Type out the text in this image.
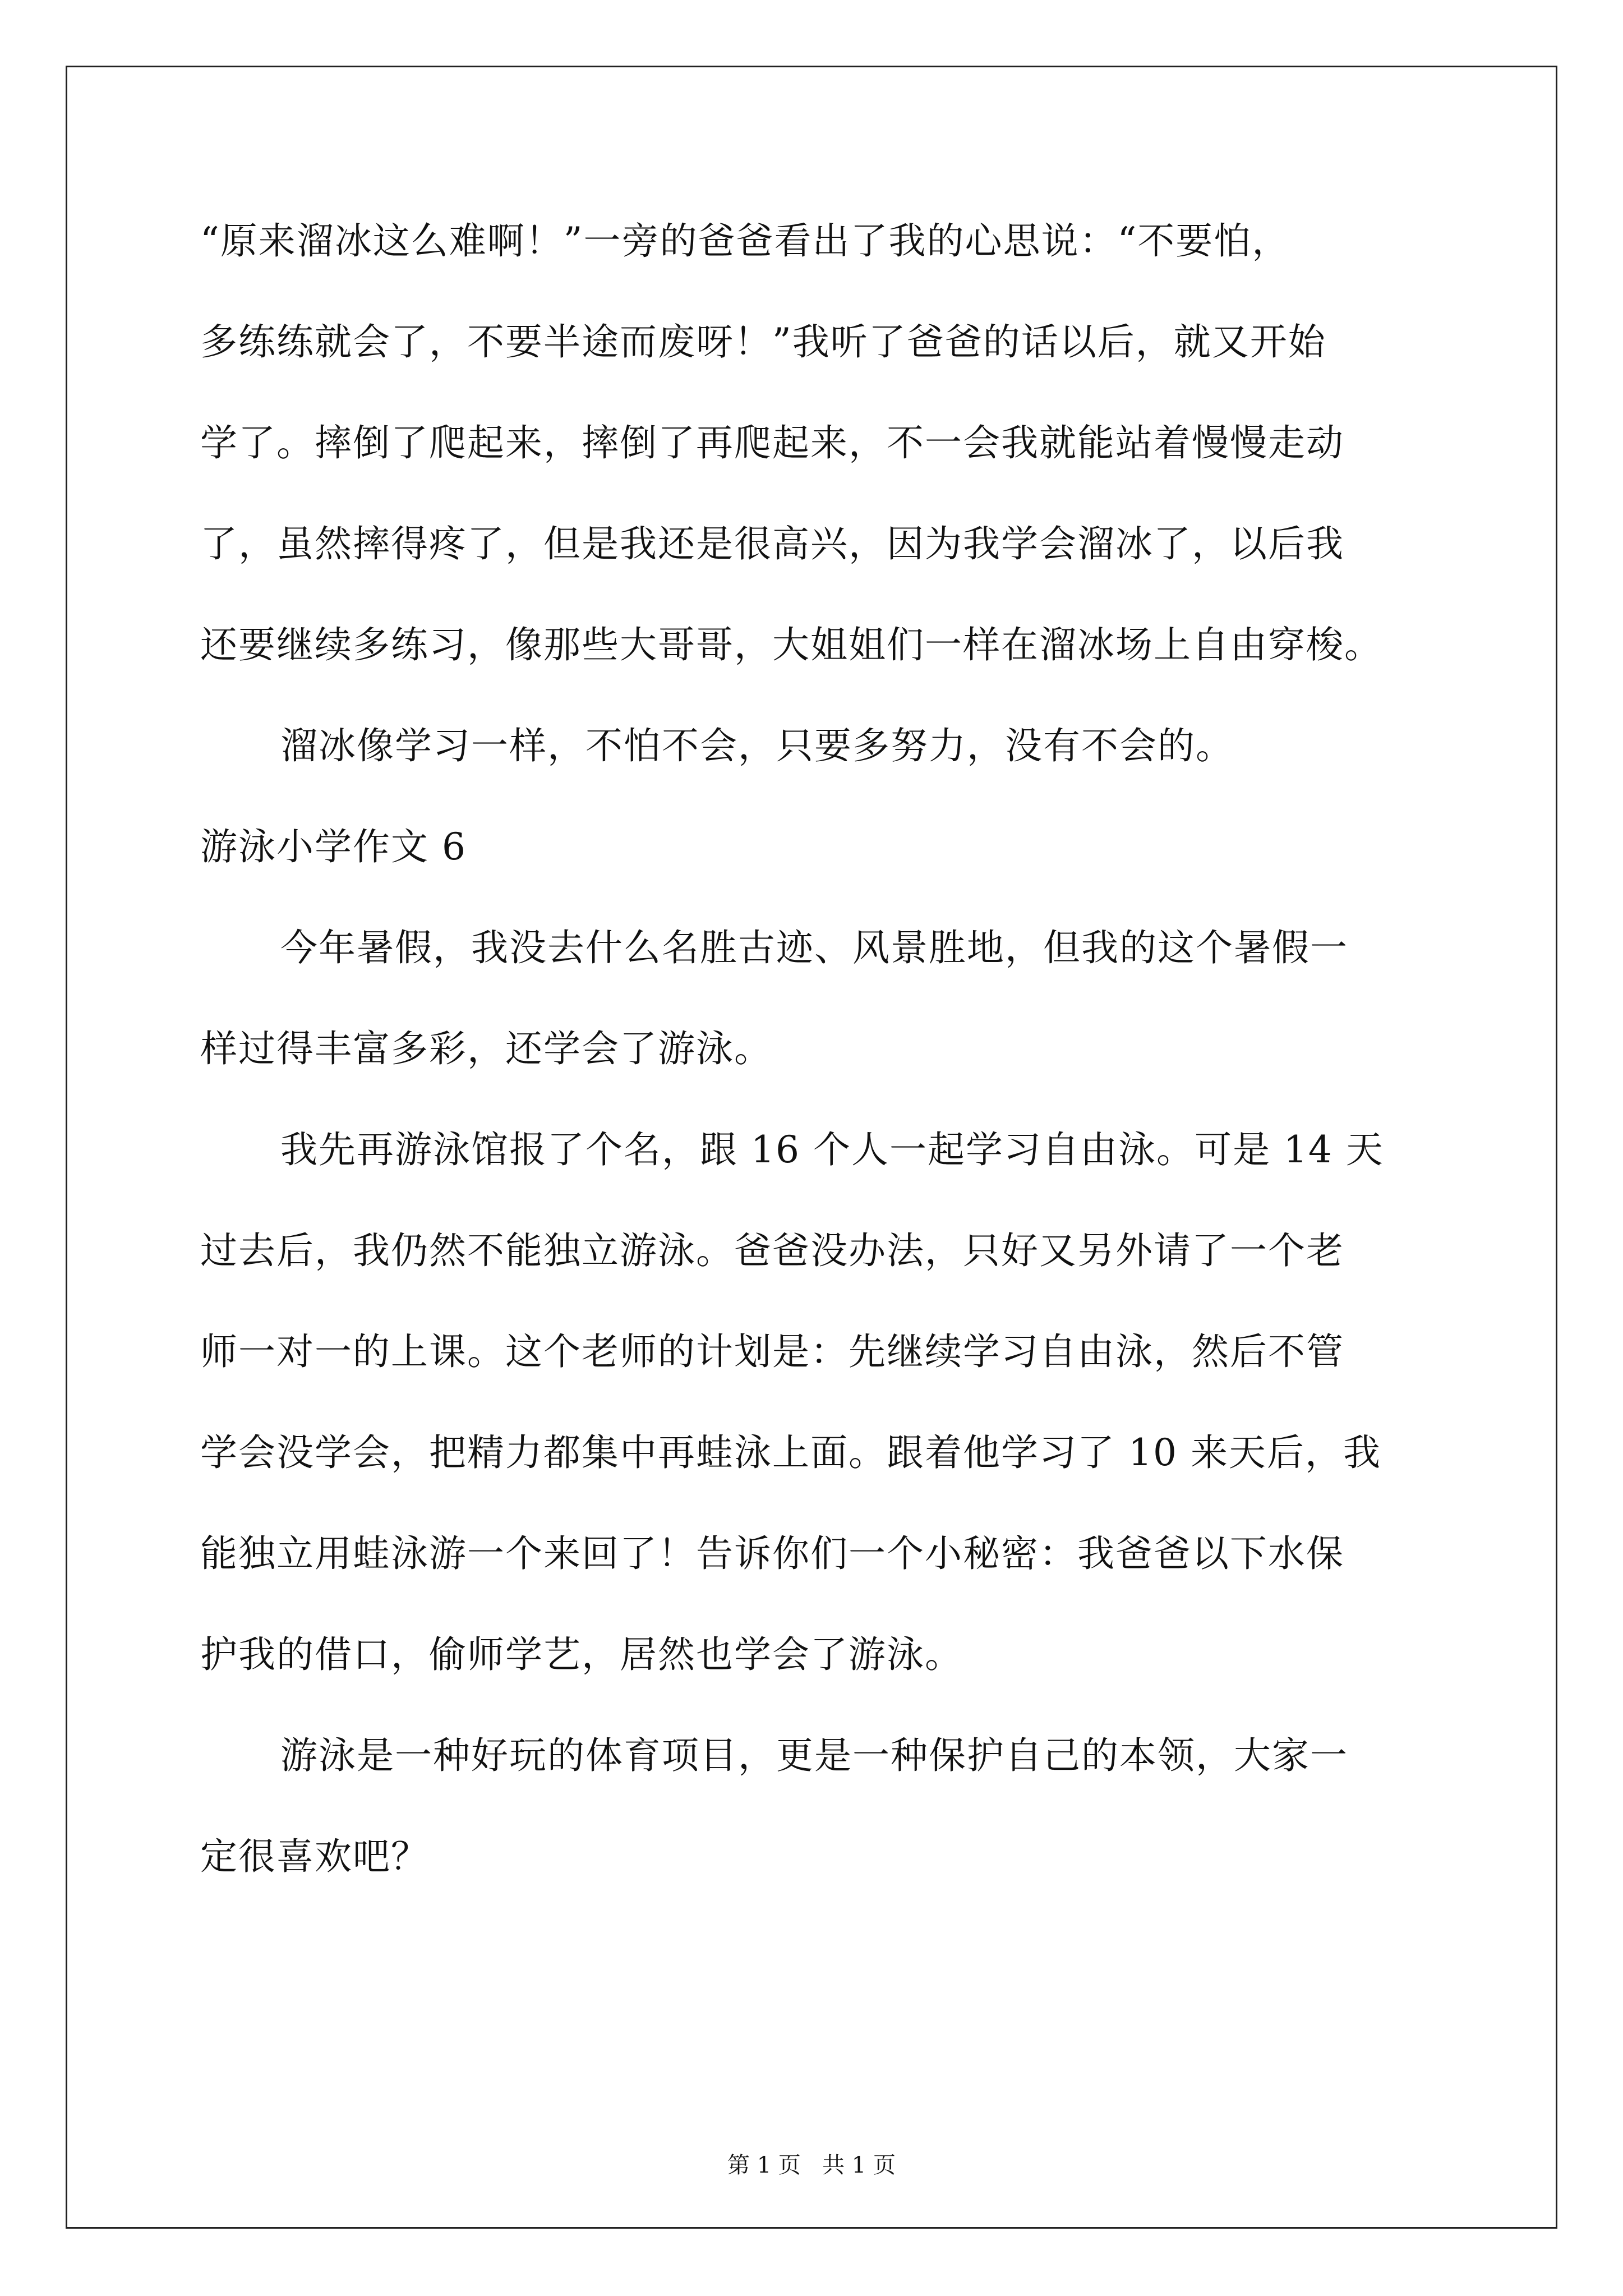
“原来溜冰这么难啊！”一旁的爸爸看出了我的心思说：“不要怕，
多练练就会了，不要半途而废呀！”我听了爸爸的话以后，就又开始
学了。摔倒了爬起来，摔倒了再爬起来，不一会我就能站着慢慢走动
了，虽然摔得疼了，但是我还是很高兴，因为我学会溜冰了，以后我
还要继续多练习，像那些大哥哥，大姐姐们一样在溜冰场上自由穿梭。
溜冰像学习一样，不怕不会，只要多努力，没有不会的。
游泳小学作文 6
今年暑假，我没去什么名胜古迹、风景胜地，但我的这个暑假一
样过得丰富多彩，还学会了游泳。
我先再游泳馆报了个名，跟 16 个人一起学习自由泳。可是 14 天
过去后，我仍然不能独立游泳。爸爸没办法，只好又另外请了一个老
师一对一的上课。这个老师的计划是：先继续学习自由泳，然后不管
学会没学会，把精力都集中再蛙泳上面。跟着他学习了 10 来天后，我
能独立用蛙泳游一个来回了！告诉你们一个小秘密：我爸爸以下水保
护我的借口，偷师学艺，居然也学会了游泳。
游泳是一种好玩的体育项目，更是一种保护自己的本领，大家一
定很喜欢吧？
第 1 页   共 1 页
